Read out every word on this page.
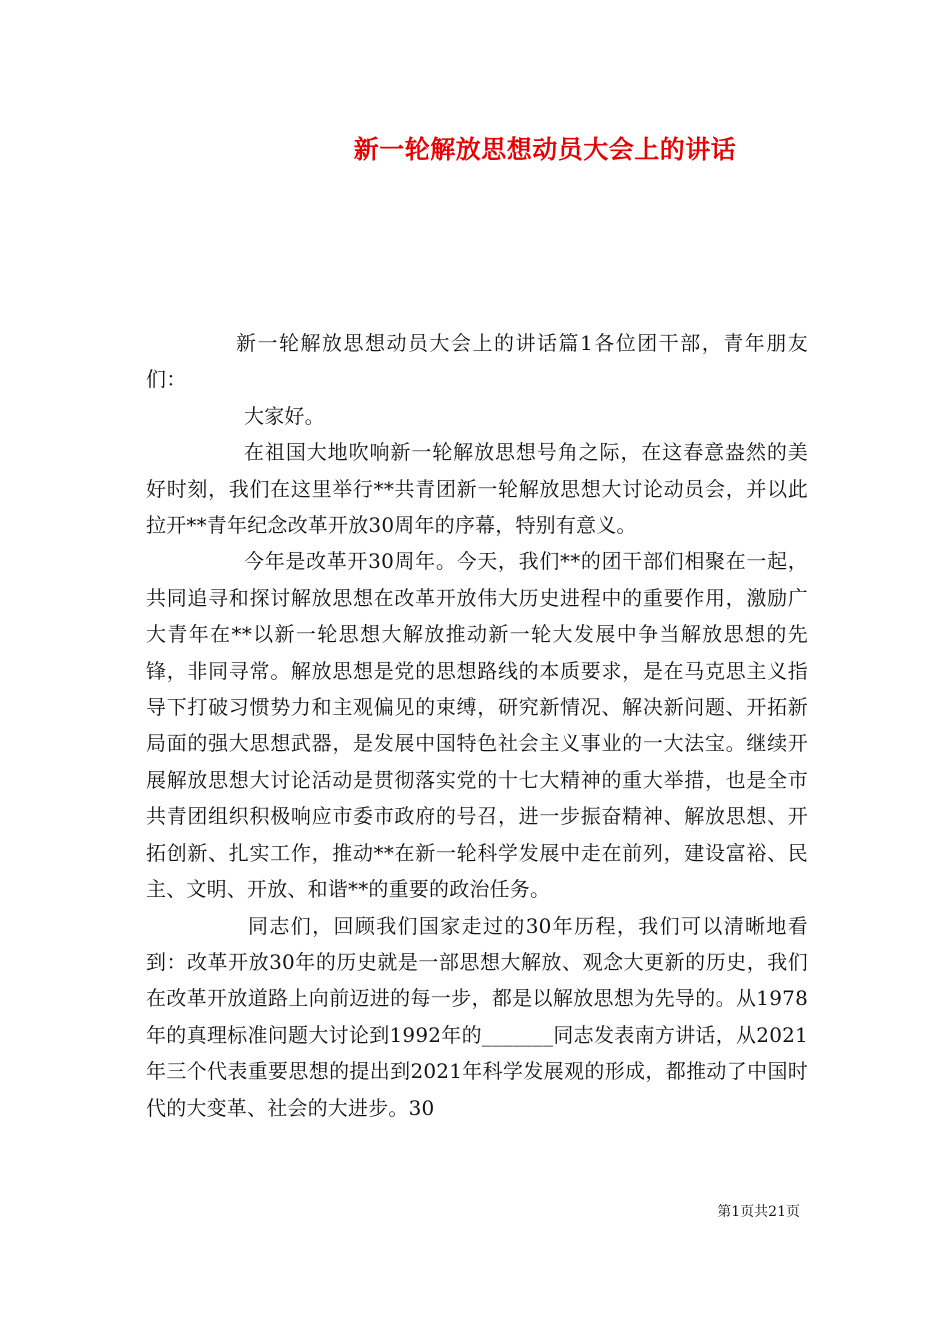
新一轮解放思想动员大会上的讲话

新一轮解放思想动员大会上的讲话篇1各位团干部，青年朋友们：

大家好。

在祖国大地吹响新一轮解放思想号角之际，在这春意盎然的美好时刻，我们在这里举行**共青团新一轮解放思想大讨论动员会，并以此拉开**青年纪念改革开放30周年的序幕，特别有意义。

今年是改革开30周年。今天，我们**的团干部们相聚在一起，共同追寻和探讨解放思想在改革开放伟大历史进程中的重要作用，激励广大青年在**以新一轮思想大解放推动新一轮大发展中争当解放思想的先锋，非同寻常。解放思想是党的思想路线的本质要求，是在马克思主义指导下打破习惯势力和主观偏见的束缚，研究新情况、解决新问题、开拓新局面的强大思想武器，是发展中国特色社会主义事业的一大法宝。继续开展解放思想大讨论活动是贯彻落实党的十七大精神的重大举措，也是全市共青团组织积极响应市委市政府的号召，进一步振奋精神、解放思想、开拓创新、扎实工作，推动**在新一轮科学发展中走在前列，建设富裕、民主、文明、开放、和谐**的重要的政治任务。

同志们，回顾我们国家走过的30年历程，我们可以清晰地看到：改革开放30年的历史就是一部思想大解放、观念大更新的历史，我们在改革开放道路上向前迈进的每一步，都是以解放思想为先导的。从1978年的真理标准问题大讨论到1992年的_______同志发表南方讲话，从2021年三个代表重要思想的提出到2021年科学发展观的形成，都推动了中国时代的大变革、社会的大进步。30

第1页共21页
